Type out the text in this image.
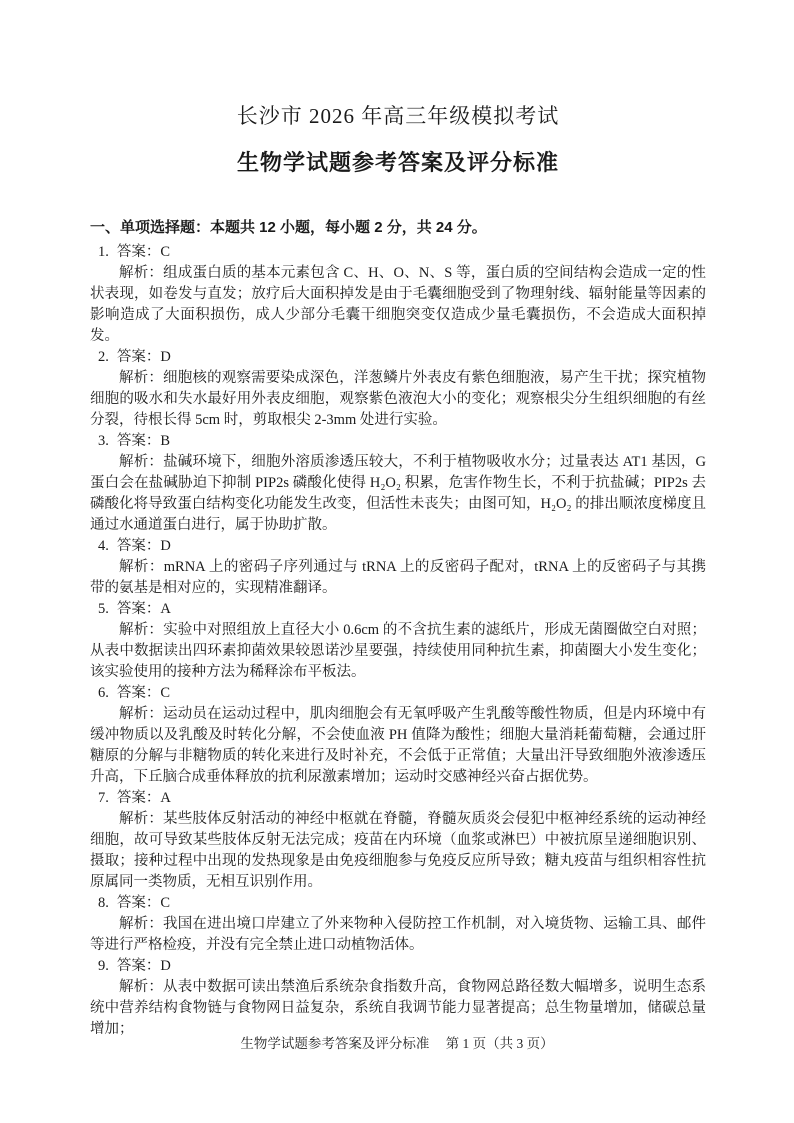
长沙市 2026 年高三年级模拟考试
生物学试题参考答案及评分标准
一、单项选择题：本题共 12 小题，每小题 2 分，共 24 分。
1. 答案：C

解析：组成蛋白质的基本元素包含 C、H、O、N、S 等，蛋白质的空间结构会造成一定的性状表现，如卷发与直发；放疗后大面积掉发是由于毛囊细胞受到了物理射线、辐射能量等因素的影响造成了大面积损伤，成人少部分毛囊干细胞突变仅造成少量毛囊损伤，不会造成大面积掉发。

2. 答案：D

解析：细胞核的观察需要染成深色，洋葱鳞片外表皮有紫色细胞液，易产生干扰；探究植物细胞的吸水和失水最好用外表皮细胞，观察紫色液泡大小的变化；观察根尖分生组织细胞的有丝分裂，待根长得 5cm 时，剪取根尖 2-3mm 处进行实验。

3. 答案：B

解析：盐碱环境下，细胞外溶质渗透压较大，不利于植物吸收水分；过量表达 AT1 基因，G 蛋白会在盐碱胁迫下抑制 PIP2s 磷酸化使得 H₂O₂ 积累，危害作物生长，不利于抗盐碱；PIP2s 去磷酸化将导致蛋白结构变化功能发生改变，但活性未丧失；由图可知，H₂O₂ 的排出顺浓度梯度且通过水通道蛋白进行，属于协助扩散。

4. 答案：D

解析：mRNA 上的密码子序列通过与 tRNA 上的反密码子配对，tRNA 上的反密码子与其携带的氨基是相对应的，实现精准翻译。

5. 答案：A

解析：实验中对照组放上直径大小 0.6cm 的不含抗生素的滤纸片，形成无菌圈做空白对照；从表中数据读出四环素抑菌效果较恩诺沙星要强，持续使用同种抗生素，抑菌圈大小发生变化；该实验使用的接种方法为稀释涂布平板法。

6. 答案：C

解析：运动员在运动过程中，肌肉细胞会有无氧呼吸产生乳酸等酸性物质，但是内环境中有缓冲物质以及乳酸及时转化分解，不会使血液 PH 值降为酸性；细胞大量消耗葡萄糖，会通过肝糖原的分解与非糖物质的转化来进行及时补充，不会低于正常值；大量出汗导致细胞外液渗透压升高，下丘脑合成垂体释放的抗利尿激素增加；运动时交感神经兴奋占据优势。

7. 答案：A

解析：某些肢体反射活动的神经中枢就在脊髓，脊髓灰质炎会侵犯中枢神经系统的运动神经细胞，故可导致某些肢体反射无法完成；疫苗在内环境（血浆或淋巴）中被抗原呈递细胞识别、摄取；接种过程中出现的发热现象是由免疫细胞参与免疫反应所导致；糖丸疫苗与组织相容性抗原属同一类物质，无相互识别作用。

8. 答案：C

解析：我国在进出境口岸建立了外来物种入侵防控工作机制，对入境货物、运输工具、邮件等进行严格检疫，并没有完全禁止进口动植物活体。

9. 答案：D

解析：从表中数据可读出禁渔后系统杂食指数升高，食物网总路径数大幅增多，说明生态系统中营养结构食物链与食物网日益复杂，系统自我调节能力显著提高；总生物量增加，储碳总量增加；

生物学试题参考答案及评分标准 第 1 页（共 3 页）
